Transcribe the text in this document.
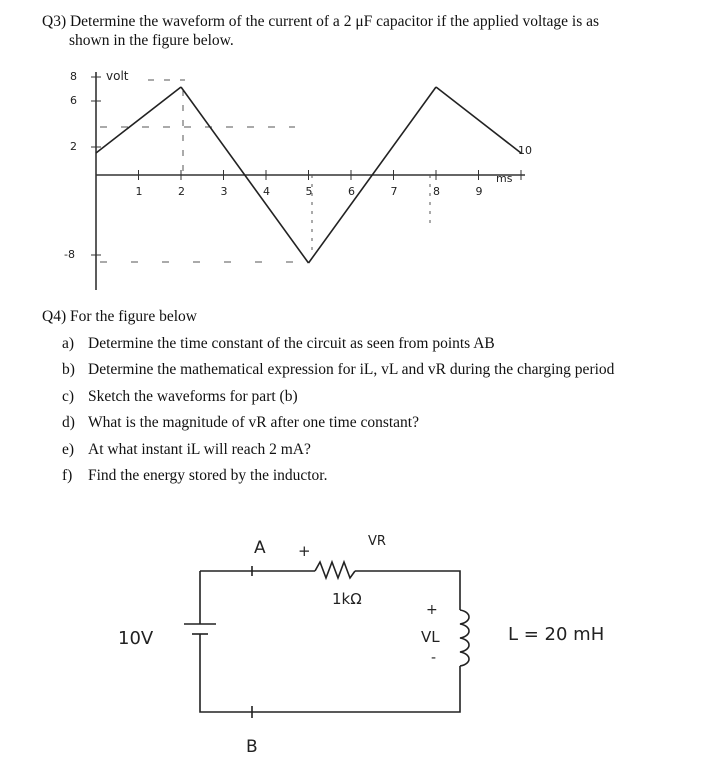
Q3) Determine the waveform of the current of a 2 μF capacitor if the applied voltage is as
shown in the figure below.
1	2	3	4	5	6	7	8	9
10
8
6
2
-8
volt
ms
Q4) For the figure below
a) Determine the time constant of the circuit as seen from points AB
b) Determine the mathematical expression for iL, vL and vR during the charging period
c) Sketch the waveforms for part (b)
d) What is the magnitude of vR after one time constant?
e) At what instant iL will reach 2 mA?
f) Find the energy stored by the inductor.
A +
VR
1kΩ
10V
+
VL
-
L = 20 mH
B
